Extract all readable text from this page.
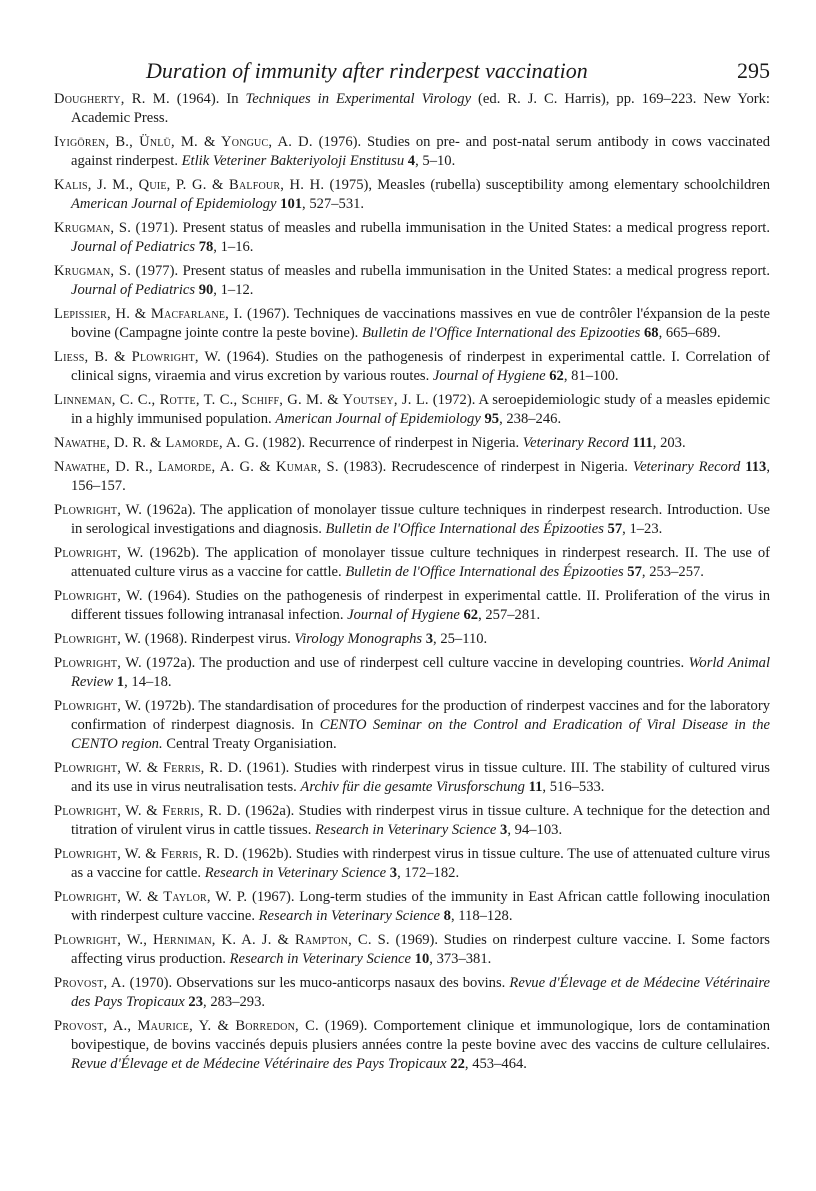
Duration of immunity after rinderpest vaccination	295
Dougherty, R. M. (1964). In Techniques in Experimental Virology (ed. R. J. C. Harris), pp. 169–223. New York: Academic Press.
Iyigören, B., Ünlü, M. & Yonguc, A. D. (1976). Studies on pre- and post-natal serum antibody in cows vaccinated against rinderpest. Etlik Veteriner Bakteriyoloji Enstitusu 4, 5–10.
Kalis, J. M., Quie, P. G. & Balfour, H. H. (1975), Measles (rubella) susceptibility among elementary schoolchildren American Journal of Epidemiology 101, 527–531.
Krugman, S. (1971). Present status of measles and rubella immunisation in the United States: a medical progress report. Journal of Pediatrics 78, 1–16.
Krugman, S. (1977). Present status of measles and rubella immunisation in the United States: a medical progress report. Journal of Pediatrics 90, 1–12.
Lepissier, H. & Macfarlane, I. (1967). Techniques de vaccinations massives en vue de contrôler l'éxpansion de la peste bovine (Campagne jointe contre la peste bovine). Bulletin de l'Office International des Epizooties 68, 665–689.
Liess, B. & Plowright, W. (1964). Studies on the pathogenesis of rinderpest in experimental cattle. I. Correlation of clinical signs, viraemia and virus excretion by various routes. Journal of Hygiene 62, 81–100.
Linneman, C. C., Rotte, T. C., Schiff, G. M. & Youtsey, J. L. (1972). A seroepidemiologic study of a measles epidemic in a highly immunised population. American Journal of Epidemiology 95, 238–246.
Nawathe, D. R. & Lamorde, A. G. (1982). Recurrence of rinderpest in Nigeria. Veterinary Record 111, 203.
Nawathe, D. R., Lamorde, A. G. & Kumar, S. (1983). Recrudescence of rinderpest in Nigeria. Veterinary Record 113, 156–157.
Plowright, W. (1962a). The application of monolayer tissue culture techniques in rinderpest research. Introduction. Use in serological investigations and diagnosis. Bulletin de l'Office International des Épizooties 57, 1–23.
Plowright, W. (1962b). The application of monolayer tissue culture techniques in rinderpest research. II. The use of attenuated culture virus as a vaccine for cattle. Bulletin de l'Office International des Épizooties 57, 253–257.
Plowright, W. (1964). Studies on the pathogenesis of rinderpest in experimental cattle. II. Proliferation of the virus in different tissues following intranasal infection. Journal of Hygiene 62, 257–281.
Plowright, W. (1968). Rinderpest virus. Virology Monographs 3, 25–110.
Plowright, W. (1972a). The production and use of rinderpest cell culture vaccine in developing countries. World Animal Review 1, 14–18.
Plowright, W. (1972b). The standardisation of procedures for the production of rinderpest vaccines and for the laboratory confirmation of rinderpest diagnosis. In CENTO Seminar on the Control and Eradication of Viral Disease in the CENTO region. Central Treaty Organisiation.
Plowright, W. & Ferris, R. D. (1961). Studies with rinderpest virus in tissue culture. III. The stability of cultured virus and its use in virus neutralisation tests. Archiv für die gesamte Virusforschung 11, 516–533.
Plowright, W. & Ferris, R. D. (1962a). Studies with rinderpest virus in tissue culture. A technique for the detection and titration of virulent virus in cattle tissues. Research in Veterinary Science 3, 94–103.
Plowright, W. & Ferris, R. D. (1962b). Studies with rinderpest virus in tissue culture. The use of attenuated culture virus as a vaccine for cattle. Research in Veterinary Science 3, 172–182.
Plowright, W. & Taylor, W. P. (1967). Long-term studies of the immunity in East African cattle following inoculation with rinderpest culture vaccine. Research in Veterinary Science 8, 118–128.
Plowright, W., Herniman, K. A. J. & Rampton, C. S. (1969). Studies on rinderpest culture vaccine. I. Some factors affecting virus production. Research in Veterinary Science 10, 373–381.
Provost, A. (1970). Observations sur les muco-anticorps nasaux des bovins. Revue d'Élevage et de Médecine Vétérinaire des Pays Tropicaux 23, 283–293.
Provost, A., Maurice, Y. & Borredon, C. (1969). Comportement clinique et immunologique, lors de contamination bovipestique, de bovins vaccinés depuis plusiers années contre la peste bovine avec des vaccins de culture cellulaires. Revue d'Élevage et de Médecine Vétérinaire des Pays Tropicaux 22, 453–464.
